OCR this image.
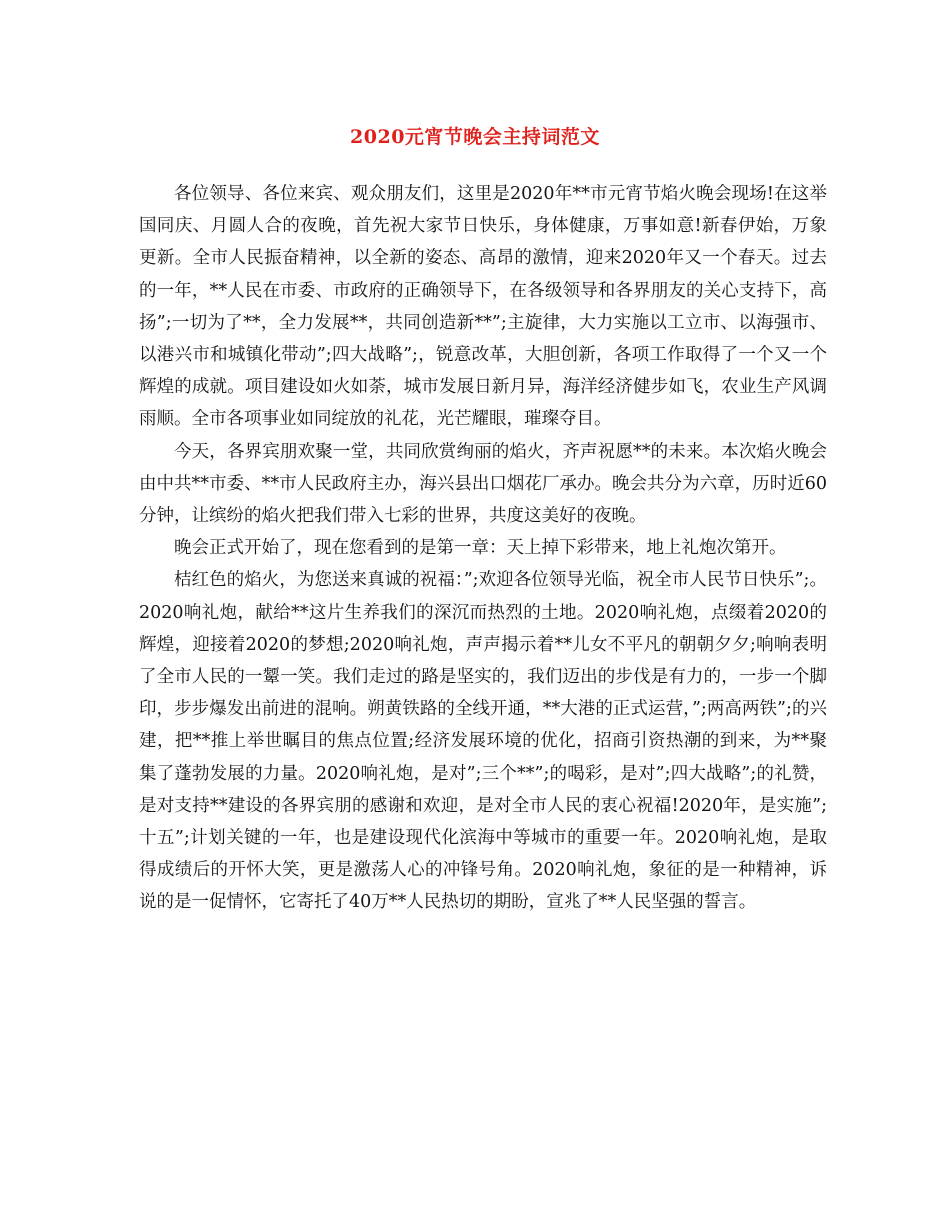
2020元宵节晚会主持词范文

各位领导、各位来宾、观众朋友们，这里是2020年**市元宵节焰火晚会现场!在这举国同庆、月圆人合的夜晚，首先祝大家节日快乐，身体健康，万事如意!新春伊始，万象更新。全市人民振奋精神，以全新的姿态、高昂的激情，迎来2020年又一个春天。过去的一年，**人民在市委、市政府的正确领导下，在各级领导和各界朋友的关心支持下，高扬”;一切为了**，全力发展**，共同创造新**”;主旋律，大力实施以工立市、以海强市、以港兴市和城镇化带动”;四大战略”;，锐意改革，大胆创新，各项工作取得了一个又一个辉煌的成就。项目建设如火如荼，城市发展日新月异，海洋经济健步如飞，农业生产风调雨顺。全市各项事业如同绽放的礼花，光芒耀眼，璀璨夺目。

今天，各界宾朋欢聚一堂，共同欣赏绚丽的焰火，齐声祝愿**的未来。本次焰火晚会由中共**市委、**市人民政府主办，海兴县出口烟花厂承办。晚会共分为六章，历时近60分钟，让缤纷的焰火把我们带入七彩的世界，共度这美好的夜晚。

晚会正式开始了，现在您看到的是第一章：天上掉下彩带来，地上礼炮次第开。

桔红色的焰火，为您送来真诚的祝福：”;欢迎各位领导光临，祝全市人民节日快乐”;。2020响礼炮，献给**这片生养我们的深沉而热烈的土地。2020响礼炮，点缀着2020的辉煌，迎接着2020的梦想;2020响礼炮，声声揭示着**儿女不平凡的朝朝夕夕;响响表明了全市人民的一颦一笑。我们走过的路是坚实的，我们迈出的步伐是有力的，一步一个脚印，步步爆发出前进的混响。朔黄铁路的全线开通，**大港的正式运营，”;两高两铁”;的兴建，把**推上举世瞩目的焦点位置;经济发展环境的优化，招商引资热潮的到来，为**聚集了蓬勃发展的力量。2020响礼炮，是对”;三个**”;的喝彩，是对”;四大战略”;的礼赞，是对支持**建设的各界宾朋的感谢和欢迎，是对全市人民的衷心祝福!2020年，是实施”;十五”;计划关键的一年，也是建设现代化滨海中等城市的重要一年。2020响礼炮，是取得成绩后的开怀大笑，更是激荡人心的冲锋号角。2020响礼炮，象征的是一种精神，诉说的是一促情怀，它寄托了40万**人民热切的期盼，宣兆了**人民坚强的誓言。
